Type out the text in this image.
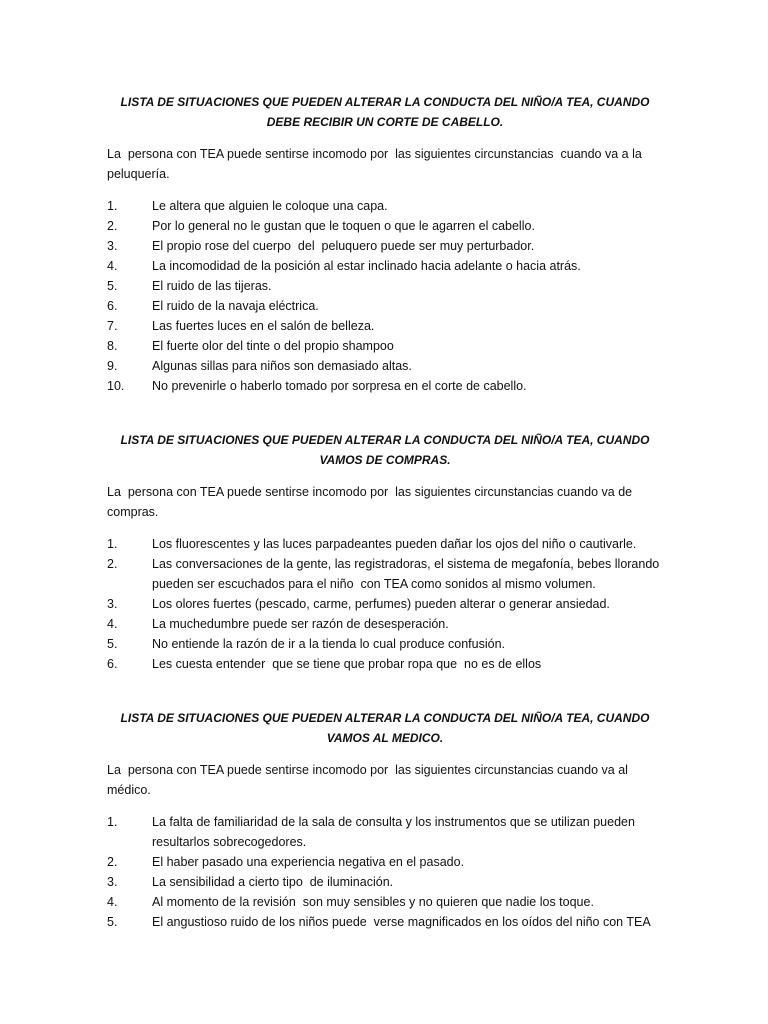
LISTA DE SITUACIONES QUE PUEDEN ALTERAR LA CONDUCTA DEL NIÑO/A TEA, CUANDO DEBE RECIBIR UN CORTE DE CABELLO.
La  persona con TEA puede sentirse incomodo por  las siguientes circunstancias  cuando va a la peluquería.
1.	Le altera que alguien le coloque una capa.
2.	Por lo general no le gustan que le toquen o que le agarren el cabello.
3.	El propio rose del cuerpo  del  peluquero puede ser muy perturbador.
4.	La incomodidad de la posición al estar inclinado hacia adelante o hacia atrás.
5.	El ruido de las tijeras.
6.	El ruido de la navaja eléctrica.
7.	Las fuertes luces en el salón de belleza.
8.	El fuerte olor del tinte o del propio shampoo
9.	Algunas sillas para niños son demasiado altas.
10. No prevenirle o haberlo tomado por sorpresa en el corte de cabello.
LISTA DE SITUACIONES QUE PUEDEN ALTERAR LA CONDUCTA DEL NIÑO/A TEA, CUANDO VAMOS DE COMPRAS.
La  persona con TEA puede sentirse incomodo por  las siguientes circunstancias cuando va de compras.
1.	Los fluorescentes y las luces parpadeantes pueden dañar los ojos del niño o cautivarle.
2.	Las conversaciones de la gente, las registradoras, el sistema de megafonía, bebes llorando pueden ser escuchados para el niño  con TEA como sonidos al mismo volumen.
3.	Los olores fuertes (pescado, carme, perfumes) pueden alterar o generar ansiedad.
4.	La muchedumbre puede ser razón de desesperación.
5.	No entiende la razón de ir a la tienda lo cual produce confusión.
6.	Les cuesta entender  que se tiene que probar ropa que  no es de ellos
LISTA DE SITUACIONES QUE PUEDEN ALTERAR LA CONDUCTA DEL NIÑO/A TEA, CUANDO VAMOS AL MEDICO.
La  persona con TEA puede sentirse incomodo por  las siguientes circunstancias cuando va al médico.
1.	La falta de familiaridad de la sala de consulta y los instrumentos que se utilizan pueden resultarlos sobrecogedores.
2.	El haber pasado una experiencia negativa en el pasado.
3.	La sensibilidad a cierto tipo  de iluminación.
4.	Al momento de la revisión  son muy sensibles y no quieren que nadie los toque.
5.	El angustioso ruido de los niños puede  verse magnificados en los oídos del niño con TEA
